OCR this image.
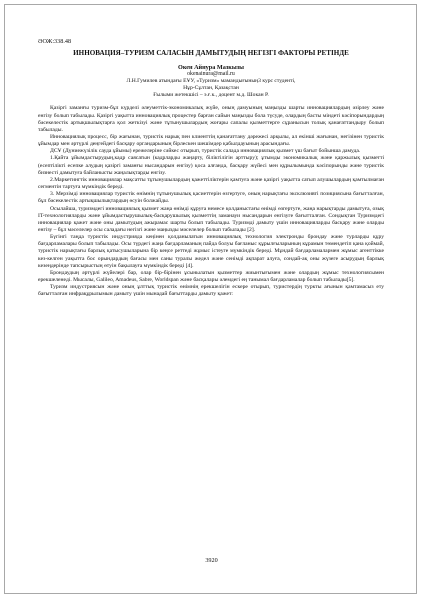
ӘОЖ:338.48

ИННОВАЦИЯ–ТУРИЗМ САЛАСЫН ДАМЫТУДЫҢ НЕГІЗГІ ФАКТОРЫ РЕТІНДЕ

Окен Айнура Мазкызы

okenainura@mail.ru

Л.Н.Гумилев атындағы ЕҰУ, «Туризм» мамандығының3 курс студенті,

Нұр-Сұлтан, Қазақстан

Ғылыми жетекшісі – э.ғ.к., доцент м.д. Шокан Р.

Қазіргі заманғы туризм-бұл күрделі әлеуметтік-экономикалық жүйе, оның дамуының маңызды шарты инновациялардың әзірлеу және енгізу болып табылады. Қазіргі уақытта инновациялық процестер барған сайын маңызды бола түсуде, олардың басты міндеті кәсіпорындардың бәсекелестік артықшылықтарға қол жеткізуі және тұтынушылардың жоғары сапалы қызметтерге сұранысын толық қанағаттандыру болып табылады.

Инновациялық процесс, бір жағынан, туристік нарық пен клиенттің қанағаттану дәрежесі арқылы, ал екінші жағынан, негізінен туристік ұйымдар мен әртүрлі деңгейдегі басқару органдарының бірлескен шешімдер қабылдауының арасындағы.

ДСҰ (Дүниежүзілік сауда ұйымы) ережелеріне сәйкес отырып, туристік салада инновациялық қызмет үш бағыт бойынша дамуда.

1.Қайта ұйымдастырудың,кадр саясатын (кадрларды жаңарту, біліктілігін арттыру); ұтымды экономикалық және қаржылық қызметті (есептілікті есепке алудың қазіргі заманғы нысандарын енгізу) қоса алғанда, басқару жүйесі мен құрылымында кәсіпорынды және туристік бизнесті дамытуға байланысты жаңалықтарды енгізу.

2.Маркетингтік инновациялар мақсатты тұтынушылардың қажеттіліктерін қамтуға және қазіргі уақытта сатып алушылардың қамтылмаған сегментін тартуға мүмкіндік береді.

3. Мерзімді инновациялар туристік өнімнің тұтынушылық қасиеттерін өзгертуге, оның нарықтағы эксклюзивті позициясына бағытталған, бұл бәсекелестік артықшылықтардың өсуін болжайды.

Осылайша, туризмдегі инновациялық қызмет жаңа өнімді құруға немесе қолданыстағы өнімді өзгертуге, жаңа нарықтарды дамытуға, озық IT-технологияларды және ұйымдастырушылық-басқарушылық қызметтің заманауи нысандарын енгізуге бағытталған. Сондықтан Туризмдегі инновациялар қажет және оны дамытудың ажырамас шарты болып табылады. Туризмді дамыту үшін инновацияларды басқару және оларды енгізу – бұл мәселелер осы саладағы негізгі және маңызды мәселелер болып табылады [2].

Бүгінгі таңда туристік индустрияда кеңінен қолданылатын инновациялық технология электронды брондау және турларды құру бағдарламалары болып табылады. Осы түрдегі жаңа бағдарламаның пайда болуы бағланыс құрылғыларының кұрамын төмендетіп қана қоймай, туристік нарықтағы барлық қатысушыларына бір кеңсе реттеді жұмыс істеуге мүмкіндік береді. Мұндай бағдарламалармен жұмыс агенттікке кез-келген уақытта бос орындардың бағасы мен саны туралы жедел және сенімді ақпарат алуға, сондай-ақ оны жүзеге асырудың барлық кезеңдерінде тапсырыстың өтуін бақылауға мүмкіндік береді [4].

Брондаудың әртүрлі жүйелері бар, олар бір-бірінен ұсынылатын қызметтер жиынтығымен және олардың жұмыс технологиясымен ерекшеленеді. Мысалы, Galileo, Amadeus, Sabre, Worldspan және басқалары әлемдегі ең танымал бағдарламалар болып табылады[5].

Туризм индустриясын және оның ұлттық туристік өнімнің ерекшелігін ескере отырып, туристердің туркты ағынын қамтамасыз ету бағытталған инфрақұрылымын дамыту үшін мынадай бағыттарды дамыту қажет:

3920
